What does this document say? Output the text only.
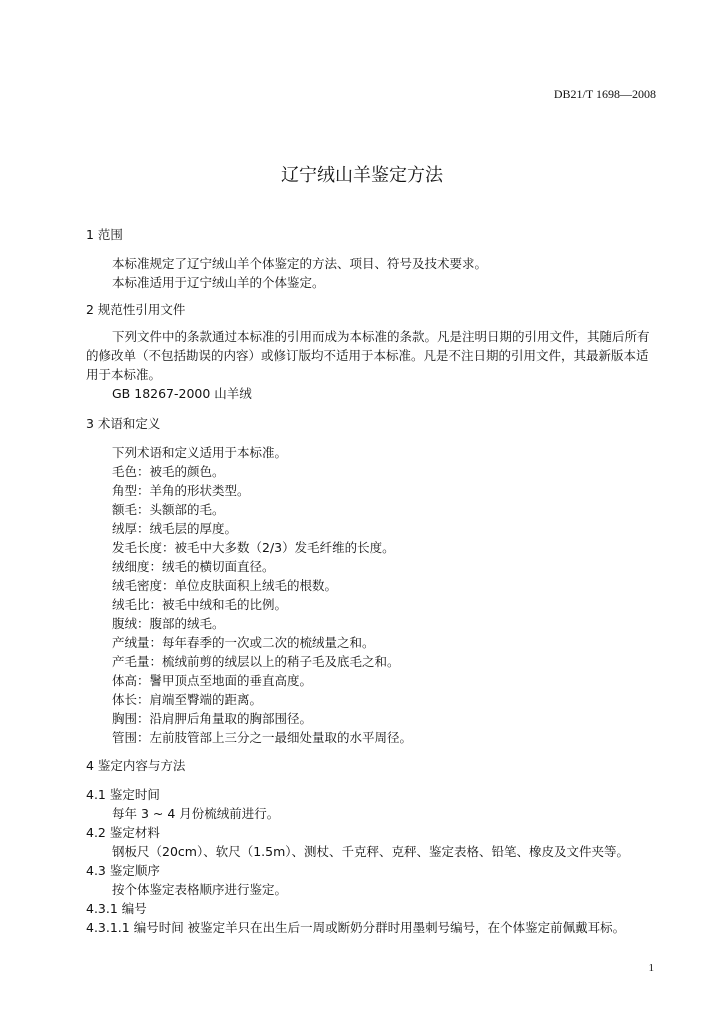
DB21/T 1698—2008
辽宁绒山羊鉴定方法
1 范围
本标准规定了辽宁绒山羊个体鉴定的方法、项目、符号及技术要求。
本标准适用于辽宁绒山羊的个体鉴定。
2 规范性引用文件
下列文件中的条款通过本标准的引用而成为本标准的条款。凡是注明日期的引用文件，其随后所有的修改单（不包括勘误的内容）或修订版均不适用于本标准。凡是不注日期的引用文件，其最新版本适用于本标准。
GB 18267-2000 山羊绒
3 术语和定义
下列术语和定义适用于本标准。
毛色：被毛的颜色。
角型：羊角的形状类型。
额毛：头额部的毛。
绒厚：绒毛层的厚度。
发毛长度：被毛中大多数（2/3）发毛纤维的长度。
绒细度：绒毛的横切面直径。
绒毛密度：单位皮肤面积上绒毛的根数。
绒毛比：被毛中绒和毛的比例。
腹绒：腹部的绒毛。
产绒量：每年春季的一次或二次的梳绒量之和。
产毛量：梳绒前剪的绒层以上的稍子毛及底毛之和。
体高：鬐甲顶点至地面的垂直高度。
体长：肩端至臀端的距离。
胸围：沿肩胛后角量取的胸部围径。
管围：左前肢管部上三分之一最细处量取的水平周径。
4 鉴定内容与方法
4.1 鉴定时间
每年 3 ~ 4 月份梳绒前进行。
4.2 鉴定材料
钢板尺（20cm）、软尺（1.5m）、测杖、千克秤、克秤、鉴定表格、铅笔、橡皮及文件夹等。
4.3 鉴定顺序
按个体鉴定表格顺序进行鉴定。
4.3.1 编号
4.3.1.1 编号时间 被鉴定羊只在出生后一周或断奶分群时用墨刺号编号，在个体鉴定前佩戴耳标。
1
